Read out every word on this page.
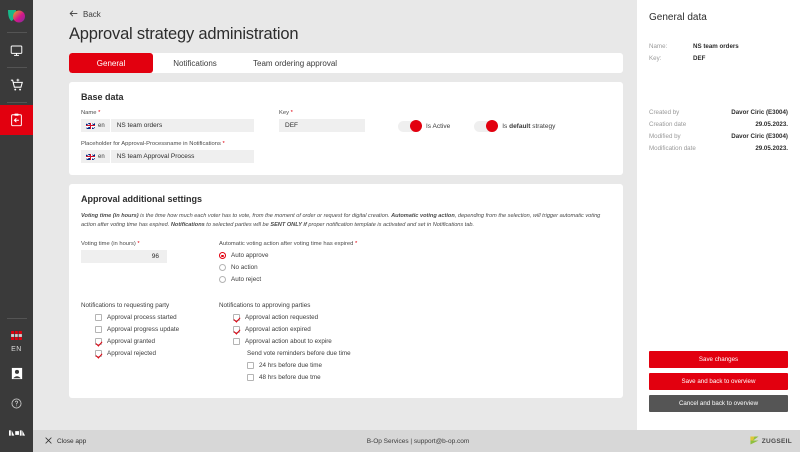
EN
Back
Approval strategy administration
General	Notifications	Team ordering approval
Base data
Name *
en	NS team orders
Key *
DEF	Is Active	Is default strategy
Placeholder for Approval-Processname in Notifications *
en	NS team Approval Process
Approval additional settings
Voting time (in hours) is the time how much each voter has to vote, from the moment of order or request for digital creation. Automatic voting action, depending from the selection, will trigger automatic voting action after voting time has expired. Notifications to selected parties will be SENT ONLY if proper notification template is activated and set in Notifications tab.
Voting time (in hours) *
96
Automatic voting action after voting time has expired *
Auto approve
No action
Auto reject
Notifications to requesting party
Approval process started
Approval progress update
Approval granted
Approval rejected
Notifications to approving parties
Approval action requested
Approval action expired
Approval action about to expire
Send vote reminders before due time
24 hrs before due time
48 hrs before due tme
General data
Name:	NS team orders
Key:	DEF
Created by	Davor Ciric (E3004)
Creation date	29.05.2023.
Modified by	Davor Ciric (E3004)
Modification date	29.05.2023.
Save changes
Save and back to overview
Cancel and back to overview
Close app	B-Op Services | support@b-op.com	ZUGSEIL
